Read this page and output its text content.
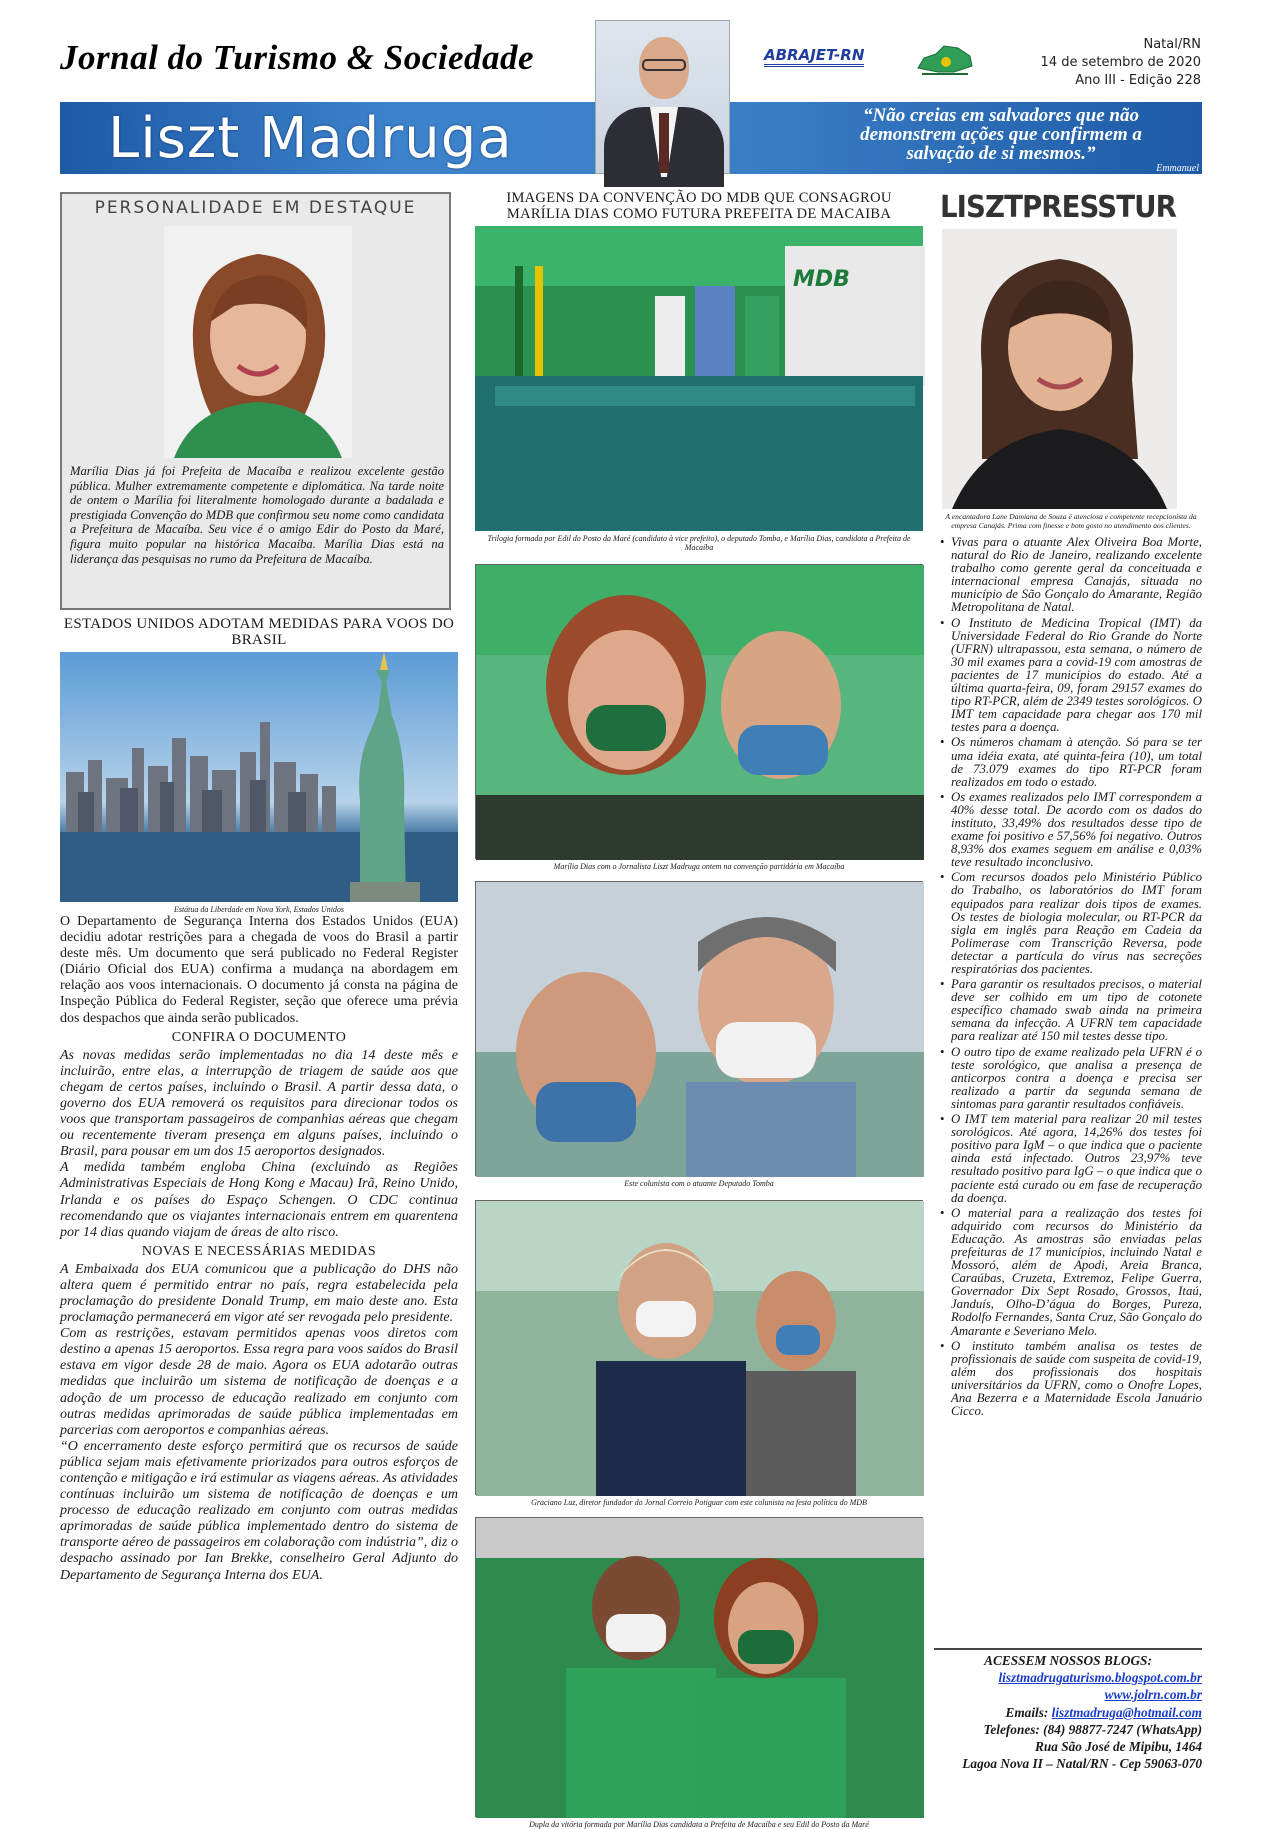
Jornal do Turismo & Sociedade
Liszt Madruga
ABRAJET-RN
Natal/RN
14 de setembro de 2020
Ano III - Edição 228
“Não creias em salvadores que não demonstrem ações que confirmem a salvação de si mesmos.”
Emmanuel
PERSONALIDADE EM DESTAQUE
Marília Dias já foi Prefeita de Macaíba e realizou excelente gestão pública. Mulher extremamente competente e diplomática. Na tarde noite de ontem o Marília foi literalmente homologado durante a badalada e prestigiada Convenção do MDB que confirmou seu nome como candidata a Prefeitura de Macaíba. Seu vice é o amigo Edir do Posto da Maré, figura muito popular na histórica Macaíba. Marília Dias está na liderança das pesquisas no rumo da Prefeitura de Macaíba.
ESTADOS UNIDOS ADOTAM MEDIDAS PARA VOOS DO BRASIL
Estátua da Liberdade em Nova York, Estados Unidos

O Departamento de Segurança Interna dos Estados Unidos (EUA) decidiu adotar restrições para a chegada de voos do Brasil a partir deste mês. Um documento que será publicado no Federal Register (Diário Oficial dos EUA) confirma a mudança na abordagem em relação aos voos internacionais. O documento já consta na página de Inspeção Pública do Federal Register, seção que oferece uma prévia dos despachos que ainda serão publicados.

CONFIRA O DOCUMENTO

As novas medidas serão implementadas no dia 14 deste mês e incluirão, entre elas, a interrupção de triagem de saúde aos que chegam de certos países, incluindo o Brasil. A partir dessa data, o governo dos EUA removerá os requisitos para direcionar todos os voos que transportam passageiros de companhias aéreas que chegam ou recentemente tiveram presença em alguns países, incluindo o Brasil, para pousar em um dos 15 aeroportos designados.

A medida também engloba China (excluindo as Regiões Administrativas Especiais de Hong Kong e Macau) Irã, Reino Unido, Irlanda e os países do Espaço Schengen. O CDC continua recomendando que os viajantes internacionais entrem em quarentena por 14 dias quando viajam de áreas de alto risco.

NOVAS E NECESSÁRIAS MEDIDAS

A Embaixada dos EUA comunicou que a publicação do DHS não altera quem é permitido entrar no país, regra estabelecida pela proclamação do presidente Donald Trump, em maio deste ano. Esta proclamação permanecerá em vigor até ser revogada pelo presidente.

Com as restrições, estavam permitidos apenas voos diretos com destino a apenas 15 aeroportos. Essa regra para voos saídos do Brasil estava em vigor desde 28 de maio. Agora os EUA adotarão outras medidas que incluirão um sistema de notificação de doenças e a adoção de um processo de educação realizado em conjunto com outras medidas aprimoradas de saúde pública implementadas em parcerias com aeroportos e companhias aéreas.

“O encerramento deste esforço permitirá que os recursos de saúde pública sejam mais efetivamente priorizados para outros esforços de contenção e mitigação e irá estimular as viagens aéreas. As atividades contínuas incluirão um sistema de notificação de doenças e um processo de educação realizado em conjunto com outras medidas aprimoradas de saúde pública implementado dentro do sistema de transporte aéreo de passageiros em colaboração com indústria”, diz o despacho assinado por Ian Brekke, conselheiro Geral Adjunto do Departamento de Segurança Interna dos EUA.

IMAGENS DA CONVENÇÃO DO MDB QUE CONSAGROU MARÍLIA DIAS COMO FUTURA PREFEITA DE MACAIBA
MDB
Trilogia formada por Edil do Posto da Maré (candidato à vice prefeito), o deputado Tomba, e Marília Dias, candidata a Prefeita de Macaíba
Marília Dias com o Jornalista Liszt Madruga ontem na convenção partidária em Macaíba
Este colunista com o atuante Deputado Tomba
Graciano Luz, diretor fundador do Jornal Correio Potiguar com este colunista na festa política do MDB
Dupla da vitória formada por Marília Dias candidata a Prefeita de Macaíba e seu Edil do Posto da Maré
LISZTPRESSTUR
A encantadora Lane Damiana de Souza é atenciosa e competente recepcionista da empresa Canajás. Prima com finesse e bom gosto no atendimento aos clientes.
• Vivas para o atuante Alex Oliveira Boa Morte, natural do Rio de Janeiro, realizando excelente trabalho como gerente geral da conceituada e internacional empresa Canajás, situada no município de São Gonçalo do Amarante, Região Metropolitana de Natal.
• O Instituto de Medicina Tropical (IMT) da Universidade Federal do Rio Grande do Norte (UFRN) ultrapassou, esta semana, o número de 30 mil exames para a covid-19 com amostras de pacientes de 17 municípios do estado. Até a última quarta-feira, 09, foram 29157 exames do tipo RT-PCR, além de 2349 testes sorológicos. O IMT tem capacidade para chegar aos 170 mil testes para a doença.
• Os números chamam à atenção. Só para se ter uma idéia exata, até quinta-feira (10), um total de 73.079 exames do tipo RT-PCR foram realizados em todo o estado.
• Os exames realizados pelo IMT correspondem a 40% desse total. De acordo com os dados do instituto, 33,49% dos resultados desse tipo de exame foi positivo e 57,56% foi negativo. Outros 8,93% dos exames seguem em análise e 0,03% teve resultado inconclusivo.
• Com recursos doados pelo Ministério Público do Trabalho, os laboratórios do IMT foram equipados para realizar dois tipos de exames. Os testes de biologia molecular, ou RT-PCR da sigla em inglês para Reação em Cadeia da Polimerase com Transcrição Reversa, pode detectar a partícula do vírus nas secreções respiratórias dos pacientes.
• Para garantir os resultados precisos, o material deve ser colhido em um tipo de cotonete específico chamado swab ainda na primeira semana da infecção. A UFRN tem capacidade para realizar até 150 mil testes desse tipo.
• O outro tipo de exame realizado pela UFRN é o teste sorológico, que analisa a presença de anticorpos contra a doença e precisa ser realizado a partir da segunda semana de sintomas para garantir resultados confiáveis.
• O IMT tem material para realizar 20 mil testes sorológicos. Até agora, 14,26% dos testes foi positivo para IgM – o que indica que o paciente ainda está infectado. Outros 23,97% teve resultado positivo para IgG – o que indica que o paciente está curado ou em fase de recuperação da doença.
• O material para a realização dos testes foi adquirido com recursos do Ministério da Educação. As amostras são enviadas pelas prefeituras de 17 municípios, incluindo Natal e Mossoró, além de Apodi, Areia Branca, Caraúbas, Cruzeta, Extremoz, Felipe Guerra, Governador Dix Sept Rosado, Grossos, Itaú, Janduís, Olho-D’água do Borges, Pureza, Rodolfo Fernandes, Santa Cruz, São Gonçalo do Amarante e Severiano Melo.
• O instituto também analisa os testes de profissionais de saúde com suspeita de covid-19, além dos profissionais dos hospitais universitários da UFRN, como o Onofre Lopes, Ana Bezerra e a Maternidade Escola Januário Cicco.
ACESSEM NOSSOS BLOGS:
lisztmadrugaturismo.blogspot.com.br
www.jolrn.com.br
Emails: lisztmadruga@hotmail.com
Telefones: (84) 98877-7247 (WhatsApp)
Rua São José de Mipibu, 1464
Lagoa Nova II – Natal/RN - Cep 59063-070
